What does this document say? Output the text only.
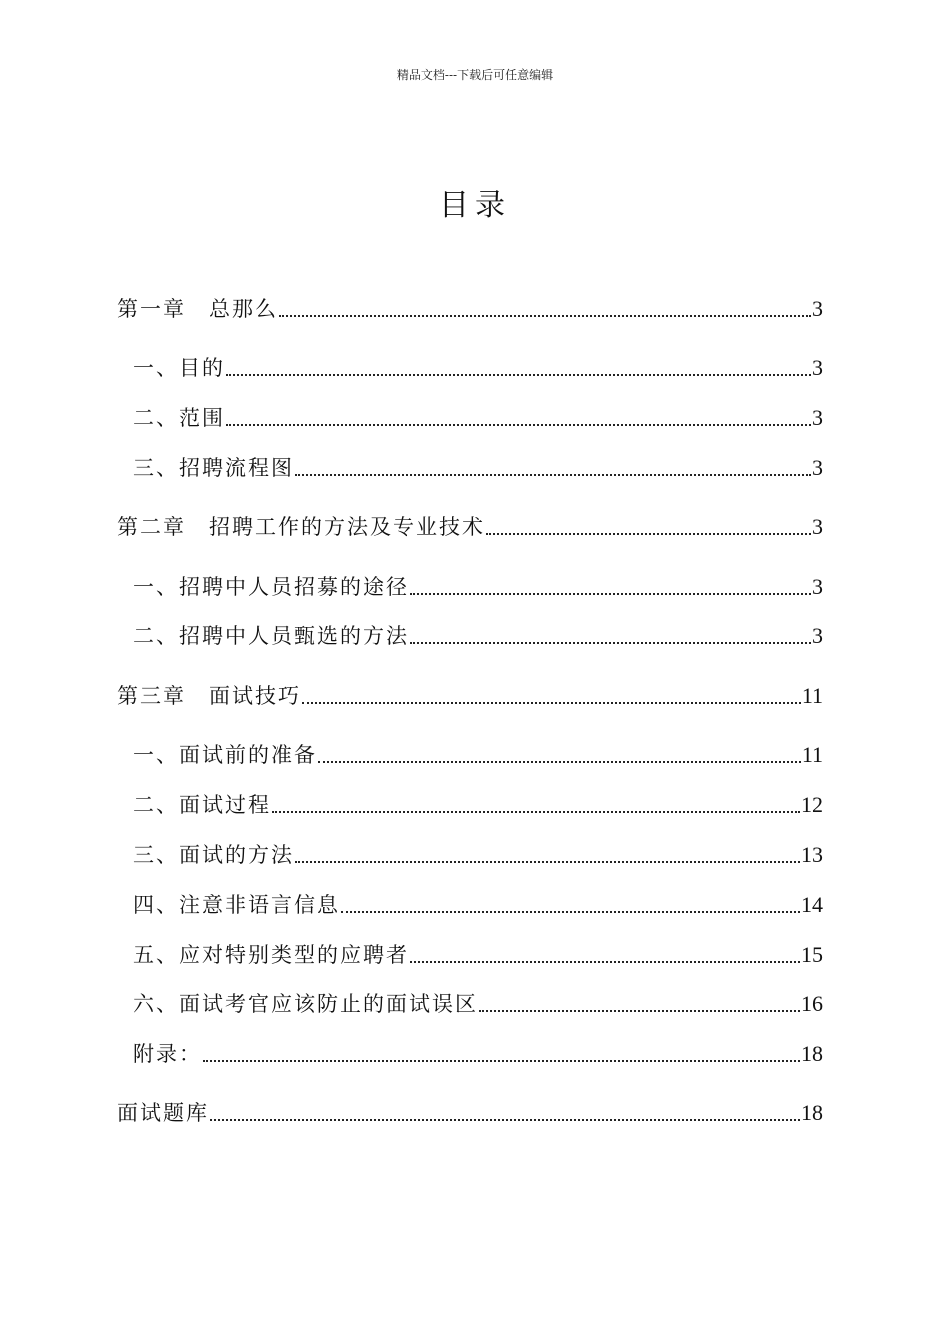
精品文档---下载后可任意编辑
目录
第一章　总那么	3
一、目的	3
二、范围	3
三、招聘流程图	3
第二章　招聘工作的方法及专业技术	3
一、招聘中人员招募的途径	3
二、招聘中人员甄选的方法	3
第三章　面试技巧	11
一、面试前的准备	11
二、面试过程	12
三、面试的方法	13
四、注意非语言信息	14
五、应对特别类型的应聘者	15
六、面试考官应该防止的面试误区	16
附录：	18
面试题库	18
